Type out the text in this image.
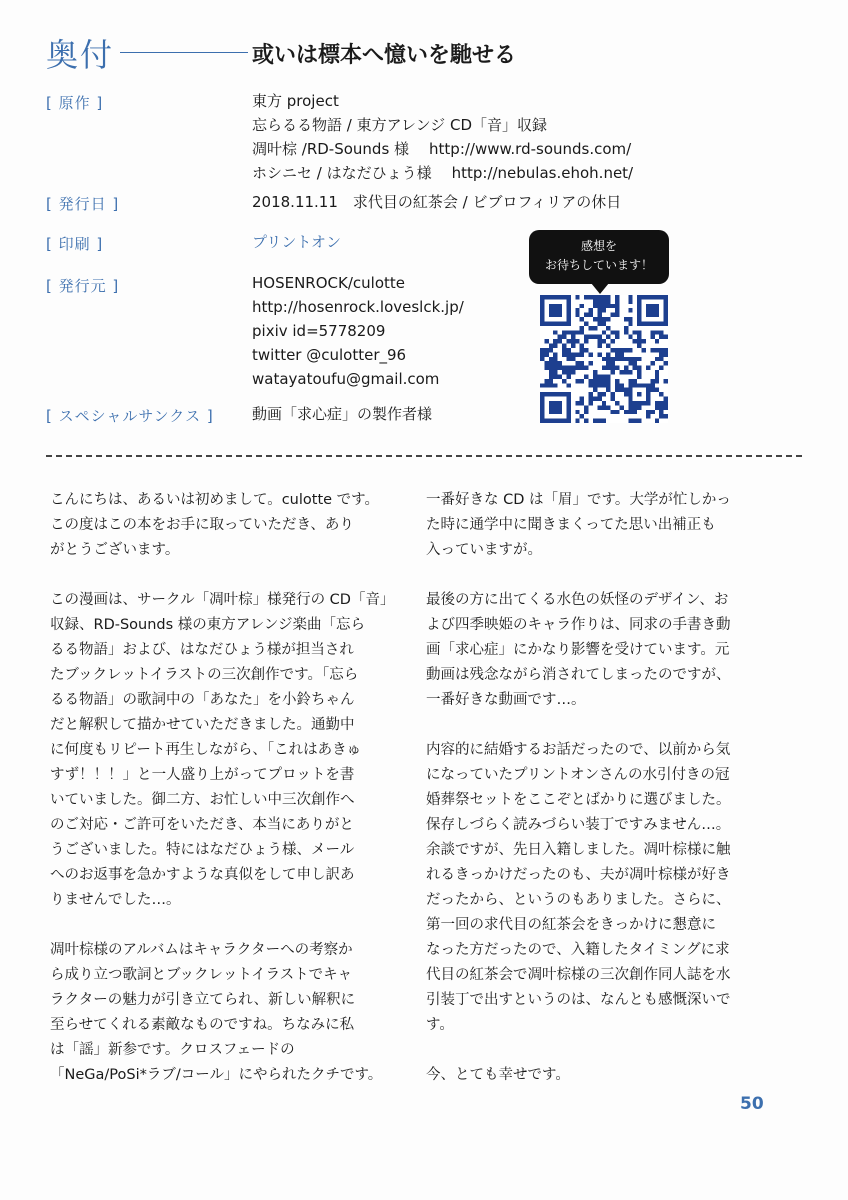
奥付	或いは標本へ憶いを馳せる
[ 原作 ]	東方 project
忘らるる物語 / 東方アレンジ CD「音」収録
凋叶棕 /RD-Sounds 様 http://www.rd-sounds.com/
ホシニセ / はなだひょう様 http://nebulas.ehoh.net/
[ 発行日 ]	2018.11.11　求代目の紅茶会 / ビブロフィリアの休日
[ 印刷 ]	プリントオン
[ 発行元 ]	HOSENROCK/culotte
http://hosenrock.loveslck.jp/
pixiv id=5778209
twitter @culotter_96
watayatoufu@gmail.com
[ スペシャルサンクス ]	動画「求心症」の製作者様
感想を
お待ちしています！
こんにちは、あるいは初めまして。culotte です。
この度はこの本をお手に取っていただき、あり
がとうございます。
この漫画は、サークル「凋叶棕」様発行の CD「音」
収録、RD-Sounds 様の東方アレンジ楽曲「忘ら
るる物語」および、はなだひょう様が担当され
たブックレットイラストの三次創作です。「忘ら
るる物語」の歌詞中の「あなた」を小鈴ちゃん
だと解釈して描かせていただきました。通勤中
に何度もリピート再生しながら、「これはあきゅ
すず！！！」と一人盛り上がってプロットを書
いていました。御二方、お忙しい中三次創作へ
のご対応・ご許可をいただき、本当にありがと
うございました。特にはなだひょう様、メール
へのお返事を急かすような真似をして申し訳あ
りませんでした…。
凋叶棕様のアルバムはキャラクターへの考察か
ら成り立つ歌詞とブックレットイラストでキャ
ラクターの魅力が引き立てられ、新しい解釈に
至らせてくれる素敵なものですね。ちなみに私
は「謡」新参です。クロスフェードの
「NeGa/PoSi*ラブ/コール」にやられたクチです。
一番好きな CD は「眉」です。大学が忙しかっ
た時に通学中に聞きまくってた思い出補正も
入っていますが。
最後の方に出てくる水色の妖怪のデザイン、お
よび四季映姫のキャラ作りは、同求の手書き動
画「求心症」にかなり影響を受けています。元
動画は残念ながら消されてしまったのですが、
一番好きな動画です…。
内容的に結婚するお話だったので、以前から気
になっていたプリントオンさんの水引付きの冠
婚葬祭セットをここぞとばかりに選びました。
保存しづらく読みづらい装丁ですみません…。
余談ですが、先日入籍しました。凋叶棕様に触
れるきっかけだったのも、夫が凋叶棕様が好き
だったから、というのもありました。さらに、
第一回の求代目の紅茶会をきっかけに懇意に
なった方だったので、入籍したタイミングに求
代目の紅茶会で凋叶棕様の三次創作同人誌を水
引装丁で出すというのは、なんとも感慨深いで
す。
今、とても幸せです。
50
